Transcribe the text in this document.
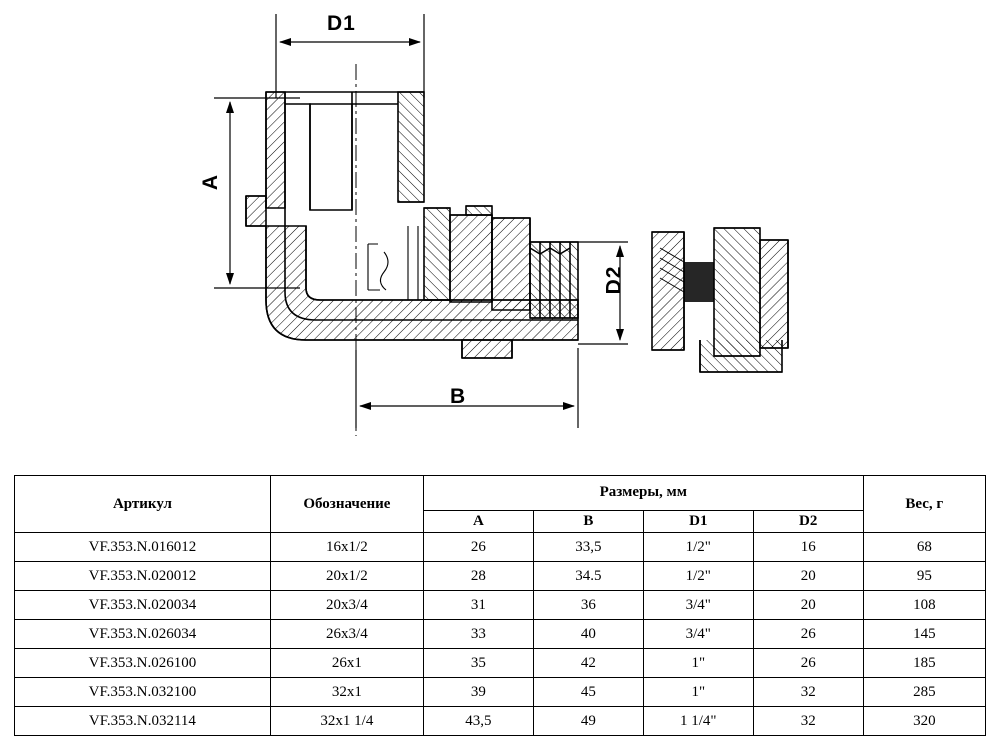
D1
A
B
D2
Артикул	Обозначение	Размеры, мм				Вес, г
		A	B	D1	D2	
VF.353.N.016012	16x1/2	26	33,5	1/2"	16	68
VF.353.N.020012	20x1/2	28	34.5	1/2"	20	95
VF.353.N.020034	20x3/4	31	36	3/4"	20	108
VF.353.N.026034	26x3/4	33	40	3/4"	26	145
VF.353.N.026100	26x1	35	42	1"	26	185
VF.353.N.032100	32x1	39	45	1"	32	285
VF.353.N.032114	32x1 1/4	43,5	49	1 1/4"	32	320
